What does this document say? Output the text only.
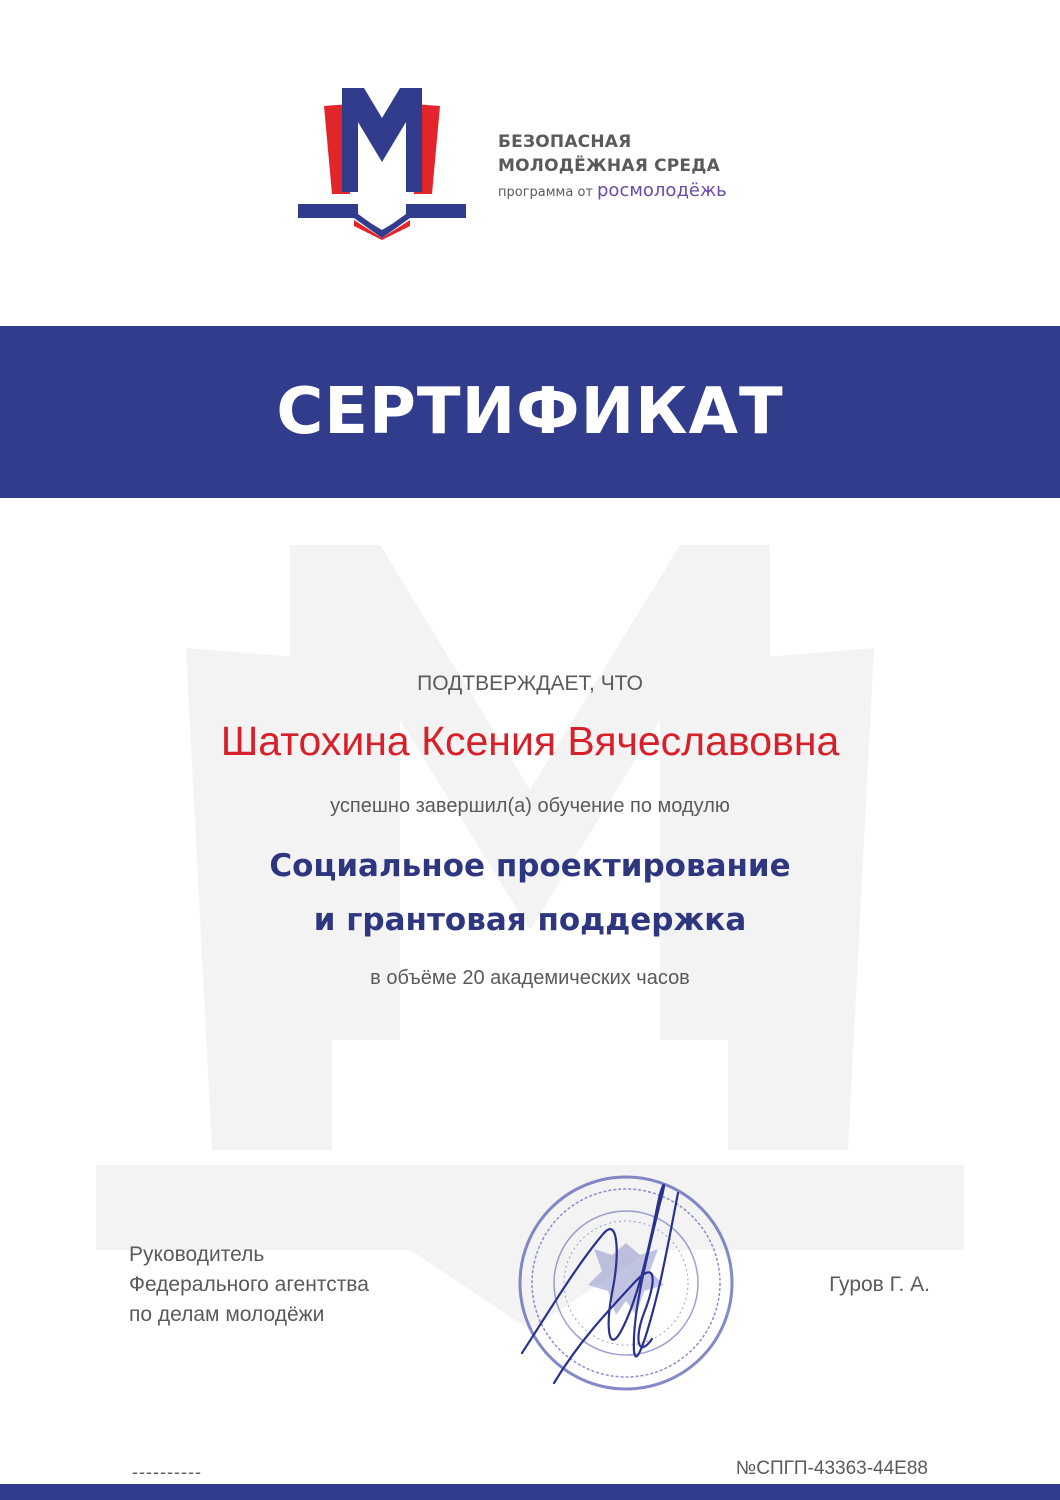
БЕЗОПАСНАЯ
МОЛОДЁЖНАЯ СРЕДА
программа от росмолодёжь
СЕРТИФИКАТ
ПОДТВЕРЖДАЕТ, ЧТО
Шатохина Ксения Вячеславовна
успешно завершил(а) обучение по модулю
Социальное проектирование
и грантовая поддержка
в объёме 20 академических часов
Руководитель
Федерального агентства
по делам молодёжи
Гуров Г. А.
----------	№СПГП-43363-44E88
